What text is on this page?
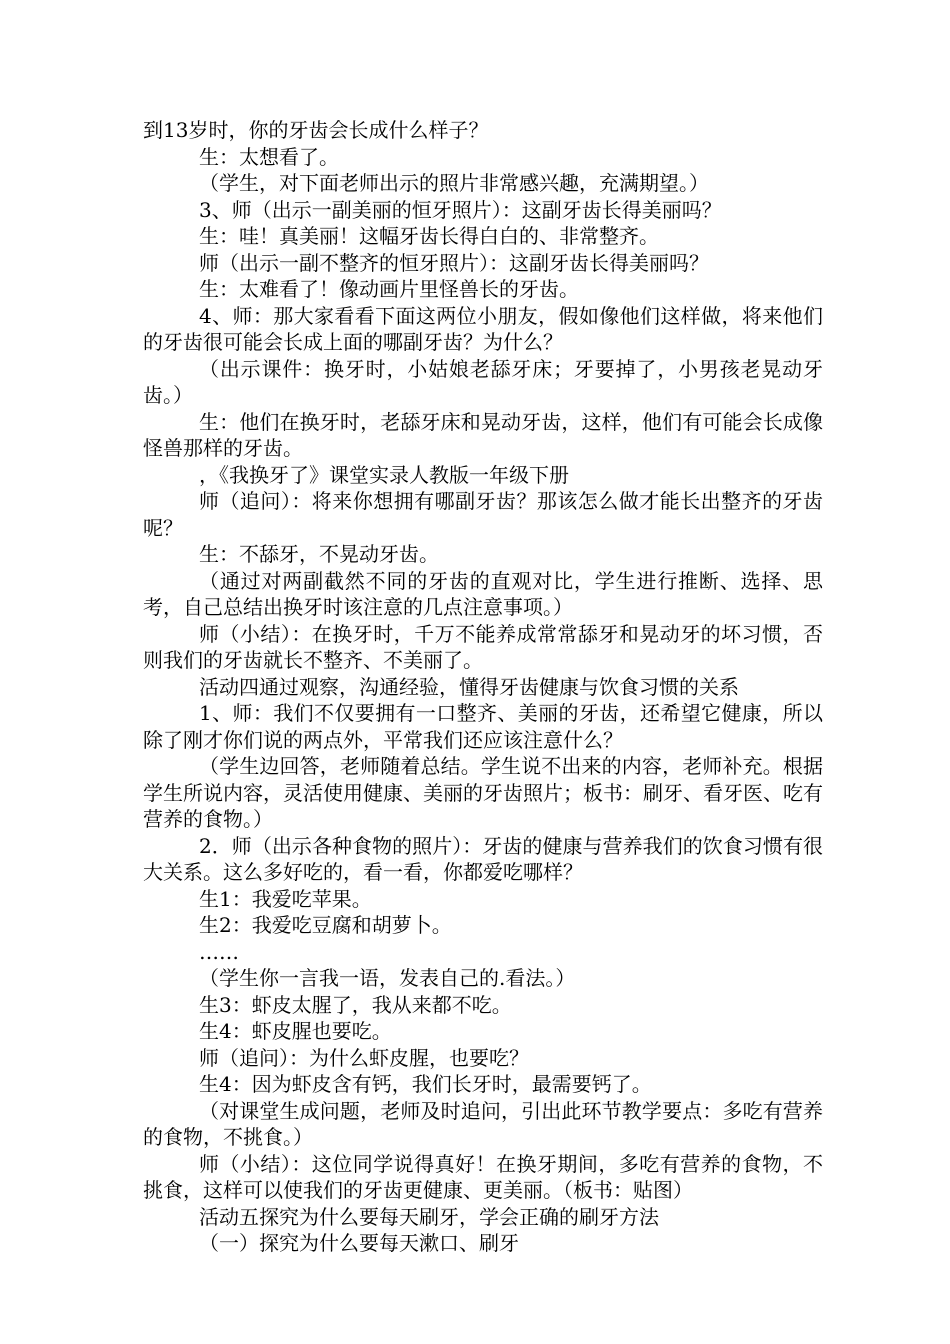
到13岁时，你的牙齿会长成什么样子？

生：太想看了。

（学生，对下面老师出示的照片非常感兴趣，充满期望。）

3、师（出示一副美丽的恒牙照片）：这副牙齿长得美丽吗？

生：哇！真美丽！这幅牙齿长得白白的、非常整齐。

师（出示一副不整齐的恒牙照片）：这副牙齿长得美丽吗？

生：太难看了！像动画片里怪兽长的牙齿。

4、师：那大家看看下面这两位小朋友，假如像他们这样做，将来他们的牙齿很可能会长成上面的哪副牙齿？为什么？

（出示课件：换牙时，小姑娘老舔牙床；牙要掉了，小男孩老晃动牙齿。）

生：他们在换牙时，老舔牙床和晃动牙齿，这样，他们有可能会长成像怪兽那样的牙齿。

，《我换牙了》课堂实录人教版一年级下册

师（追问）：将来你想拥有哪副牙齿？那该怎么做才能长出整齐的牙齿呢？

生：不舔牙，不晃动牙齿。

（通过对两副截然不同的牙齿的直观对比，学生进行推断、选择、思考，自己总结出换牙时该注意的几点注意事项。）

师（小结）：在换牙时，千万不能养成常常舔牙和晃动牙的坏习惯，否则我们的牙齿就长不整齐、不美丽了。

活动四通过观察，沟通经验，懂得牙齿健康与饮食习惯的关系

1、师：我们不仅要拥有一口整齐、美丽的牙齿，还希望它健康，所以除了刚才你们说的两点外，平常我们还应该注意什么？

（学生边回答，老师随着总结。学生说不出来的内容，老师补充。根据学生所说内容，灵活使用健康、美丽的牙齿照片；板书：刷牙、看牙医、吃有营养的食物。）

2．师（出示各种食物的照片）：牙齿的健康与营养我们的饮食习惯有很大关系。这么多好吃的，看一看，你都爱吃哪样？

生1：我爱吃苹果。

生2：我爱吃豆腐和胡萝卜。

……

（学生你一言我一语，发表自己的.看法。）

生3：虾皮太腥了，我从来都不吃。

生4：虾皮腥也要吃。

师（追问）：为什么虾皮腥，也要吃？

生4：因为虾皮含有钙，我们长牙时，最需要钙了。

（对课堂生成问题，老师及时追问，引出此环节教学要点：多吃有营养的食物，不挑食。）

师（小结）：这位同学说得真好！在换牙期间，多吃有营养的食物，不挑食，这样可以使我们的牙齿更健康、更美丽。（板书：贴图）

活动五探究为什么要每天刷牙，学会正确的刷牙方法

（一）探究为什么要每天漱口、刷牙
